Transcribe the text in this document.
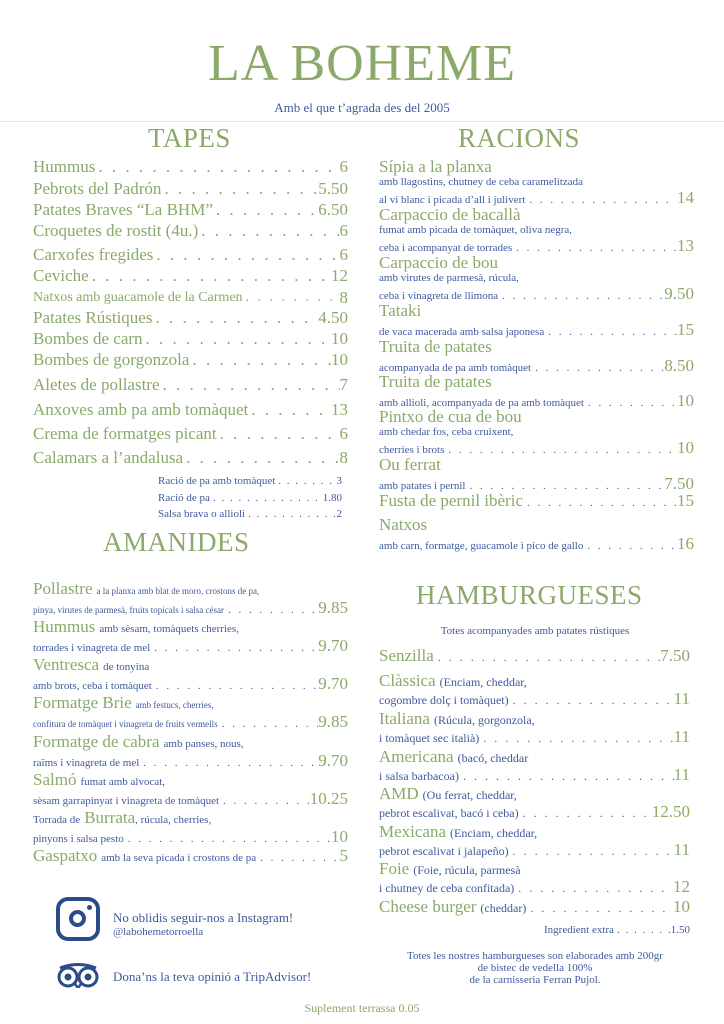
LA BOHEME
Amb el que t’agrada des del 2005
TAPES
Hummus . . .	6
Pebrots del Padrón . . .	5.50
Patates Braves “La BHM” . . .	6.50
Croquetes de rostit (4u.) . . .	6
Carxofes fregides . . .	6
Ceviche . . .	12
Natxos amb guacamole de la Carmen . . .	8
Patates Rústiques . . .	4.50
Bombes de carn . . .	10
Bombes de gorgonzola . . .	10
Aletes de pollastre . . .	7
Anxoves amb pa amb tomàquet . . .	13
Crema de formatges picant . . .	6
Calamars a l’andalusa . . .	8
Ració de pa amb tomàquet . . .	3
Ració de pa . . .	1.80
Salsa brava o allioli . . .	2
RACIONS
Sípia a la planxa
amb llagostins, chutney de ceba caramelitzada
al vi blanc i picada d’all i julivert . . .	14
Carpaccio de bacallà
fumat amb picada de tomàquet, oliva negra,
ceba i acompanyat de torrades . . .	13
Carpaccio de bou
amb virutes de parmesà, rúcula,
ceba i vinagreta de llimona . . .	9.50
Tataki
de vaca macerada amb salsa japonesa . . .	15
Truita de patates
acompanyada de pa amb tomàquet . . .	8.50
Truita de patates
amb allioli, acompanyada de pa amb tomàquet . . .	10
Pintxo de cua de bou
amb chedar fos, ceba cruixent,
cherries i brots . . .	10
Ou ferrat
amb patates i pernil . . .	7.50
Fusta de pernil ibèric . . .	15
Natxos
amb carn, formatge, guacamole i pico de gallo . . .	16
AMANIDES
Pollastre a la planxa amb blat de moro, crostons de pa,
pinya, virutes de parmesà, fruits topicals i salsa césar . . .	9.85
Hummus amb sèsam, tomàquets cherries,
torrades i vinagreta de mel . . .	9.70
Ventresca de tonyina
amb brots, ceba i tomàquet . . .	9.70
Formatge Brie amb festucs, cherries,
confitura de tomàquet i vinagreta de fruits vermells . . .	9.85
Formatge de cabra amb panses, nous,
raïms i vinagreta de mel . . .	9.70
Salmó fumat amb alvocat,
sèsam garrapinyat i vinagreta de tomàquet . . .	10.25
Torrada de Burrata, rúcula, cherries,
pinyons i salsa pesto . . .	10
Gaspatxo
amb la seva picada i crostons de pa . . .	5
HAMBURGUESES
Totes acompanyades amb patates rústiques
Senzilla . . .	7.50
Clàssica (Enciam, cheddar,
cogombre dolç i tomàquet) . . .	11
Italiana (Rúcula, gorgonzola,
i tomàquet sec italià) . . .	11
Americana (bacó, cheddar
i salsa barbacoa) . . .	11
AMD (Ou ferrat, cheddar,
pebrot escalivat, bacó i ceba) . . .	12.50
Mexicana (Enciam, cheddar,
pebrot escalivat i jalapeño) . . .	11
Foie (Foie, rúcula, parmesà
i chutney de ceba confitada) . . .	12
Cheese burger
(cheddar) . . .	10
Ingredient extra . . .	1.50
Totes les nostres hamburgueses son elaborades amb 200gr
de bistec de vedella 100%
de la carnisseria Ferran Pujol.
No oblidis seguir-nos a Instagram!
@labohemetorroella
Dona’ns la teva opinió a TripAdvisor!
Suplement terrassa 0.05
